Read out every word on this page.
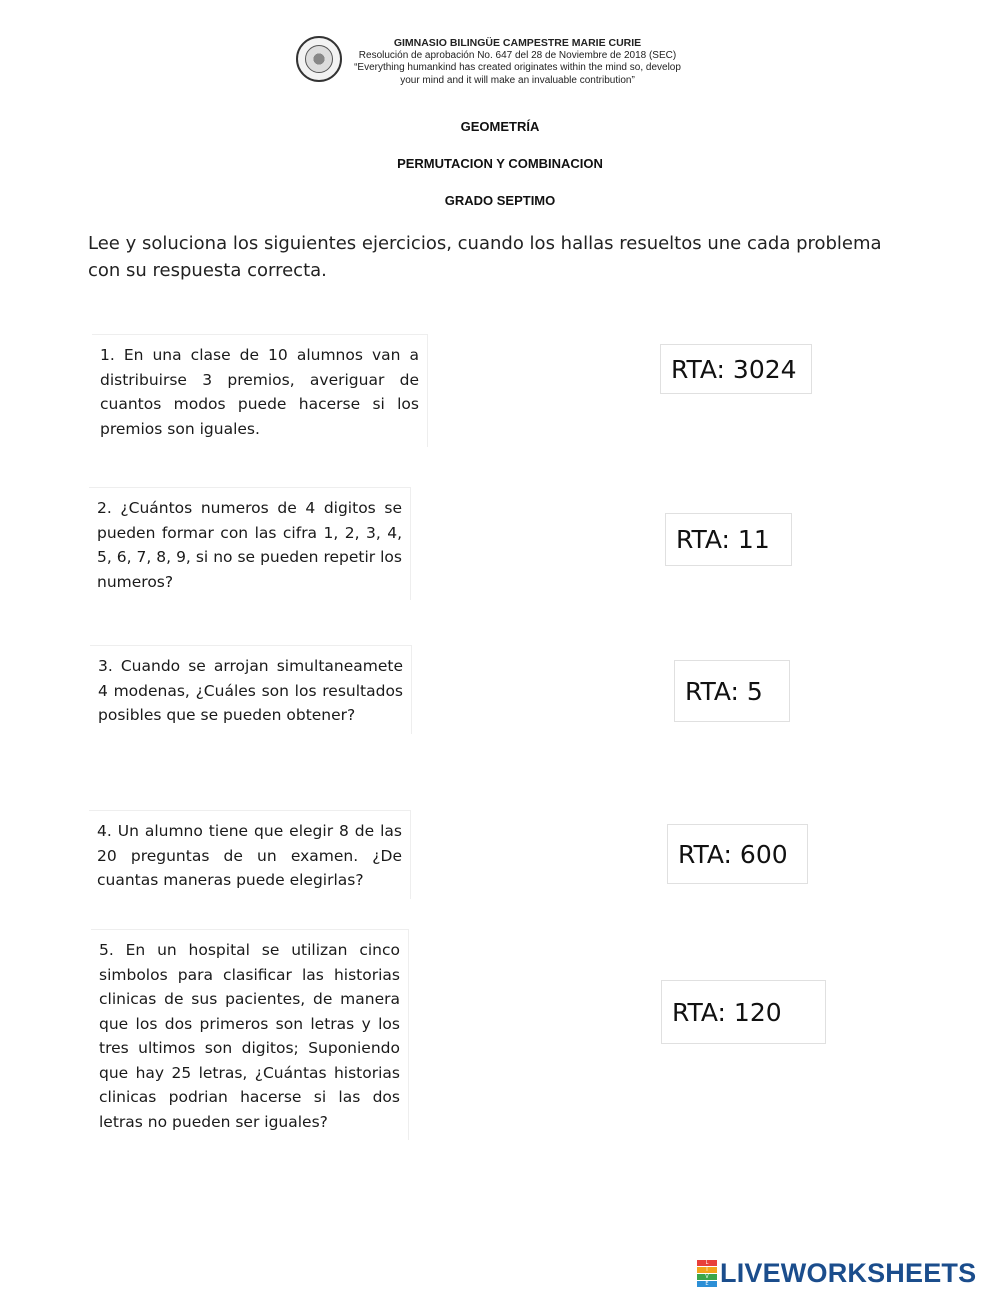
GIMNASIO BILINGÜE CAMPESTRE MARIE CURIE
Resolución de aprobación No. 647 del 28 de Noviembre de 2018 (SEC)
“Everything humankind has created originates within the mind so, develop
your mind and it will make an invaluable contribution”
GEOMETRÍA
PERMUTACION Y COMBINACION
GRADO SEPTIMO
Lee y soluciona los siguientes ejercicios, cuando los hallas resueltos une cada problema con su respuesta correcta.
1. En una clase de 10 alumnos van a distribuirse 3 premios, averiguar de cuantos modos puede hacerse si los premios son iguales.
2. ¿Cuántos numeros de 4 digitos se pueden formar con las cifra 1, 2, 3, 4, 5, 6, 7, 8, 9, si no se pueden repetir los numeros?
3. Cuando se arrojan simultaneamete 4 modenas, ¿Cuáles son los resultados posibles que se pueden obtener?
4. Un alumno tiene que elegir 8 de las 20 preguntas de un examen. ¿De cuantas maneras puede elegirlas?
5. En un hospital se utilizan cinco simbolos para clasificar las historias clinicas de sus pacientes, de manera que los dos primeros son letras y los tres ultimos son digitos; Suponiendo que hay 25 letras, ¿Cuántas historias clinicas podrian hacerse si las dos letras no pueden ser iguales?
RTA: 3024
RTA: 11
RTA: 5
RTA: 600
RTA: 120
L
I
V
E LIVEWORKSHEETS
